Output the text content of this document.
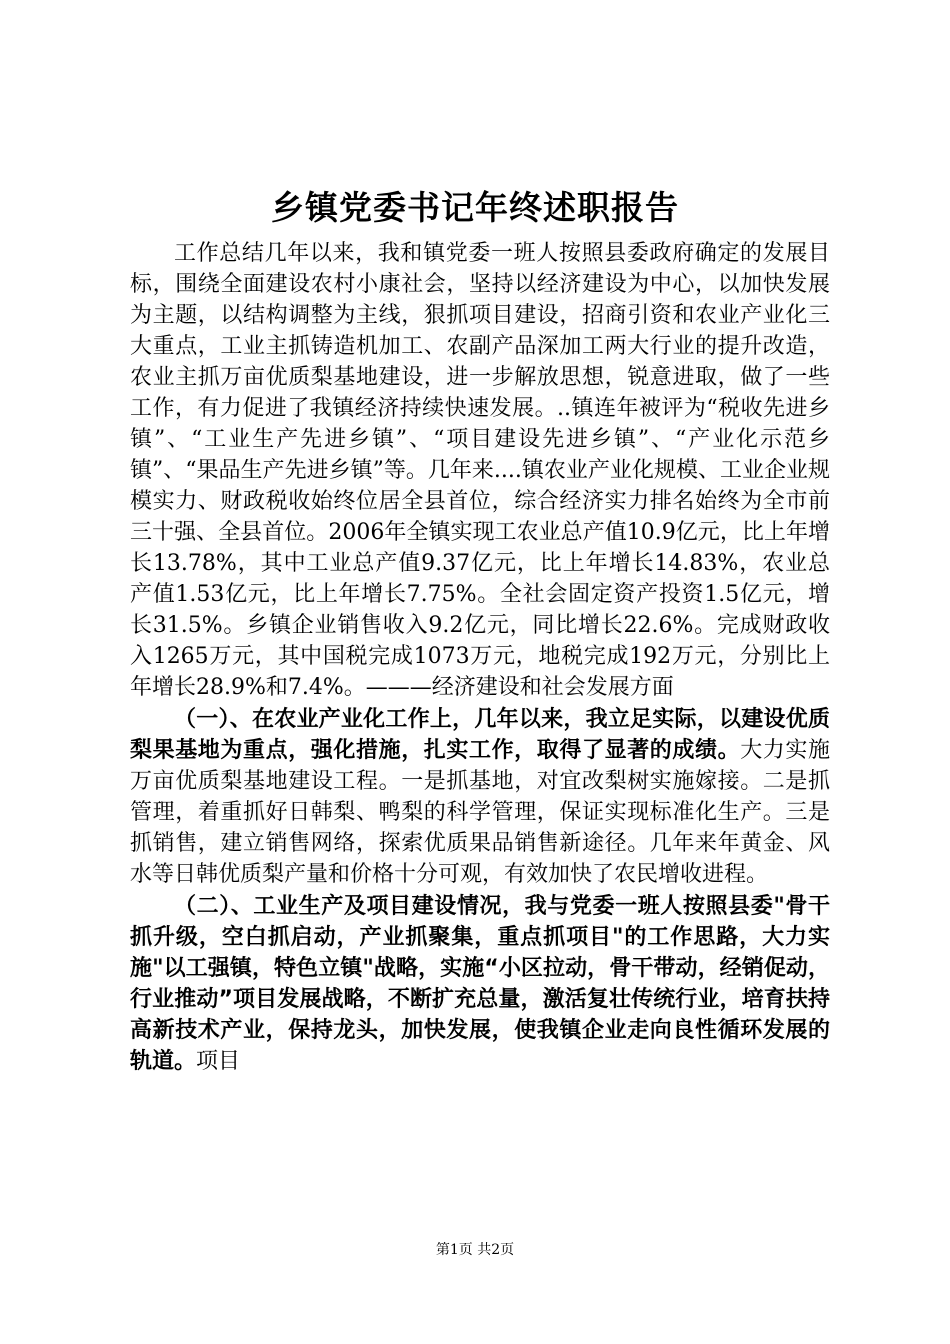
乡镇党委书记年终述职报告

工作总结几年以来，我和镇党委一班人按照县委政府确定的发展目标，围绕全面建设农村小康社会，坚持以经济建设为中心，以加快发展为主题，以结构调整为主线，狠抓项目建设，招商引资和农业产业化三大重点，工业主抓铸造机加工、农副产品深加工两大行业的提升改造，农业主抓万亩优质梨基地建设，进一步解放思想，锐意进取，做了一些工作，有力促进了我镇经济持续快速发展。..镇连年被评为“税收先进乡镇”、“工业生产先进乡镇”、“项目建设先进乡镇”、“产业化示范乡镇”、“果品生产先进乡镇”等。几年来....镇农业产业化规模、工业企业规模实力、财政税收始终位居全县首位，综合经济实力排名始终为全市前三十强、全县首位。2006年全镇实现工农业总产值10.9亿元，比上年增长13.78%，其中工业总产值9.37亿元，比上年增长14.83%，农业总产值1.53亿元，比上年增长7.75%。全社会固定资产投资1.5亿元，增长31.5%。乡镇企业销售收入9.2亿元，同比增长22.6%。完成财政收入1265万元，其中国税完成1073万元，地税完成192万元，分别比上年增长28.9%和7.4%。———经济建设和社会发展方面

（一）、在农业产业化工作上，几年以来，我立足实际，以建设优质梨果基地为重点，强化措施，扎实工作，取得了显著的成绩。大力实施万亩优质梨基地建设工程。一是抓基地，对宜改梨树实施嫁接。二是抓管理，着重抓好日韩梨、鸭梨的科学管理，保证实现标准化生产。三是抓销售，建立销售网络，探索优质果品销售新途径。几年来年黄金、风水等日韩优质梨产量和价格十分可观，有效加快了农民增收进程。

（二）、工业生产及项目建设情况，我与党委一班人按照县委"骨干抓升级，空白抓启动，产业抓聚集，重点抓项目"的工作思路，大力实施"以工强镇，特色立镇"战略，实施“小区拉动，骨干带动，经销促动，行业推动”项目发展战略，不断扩充总量，激活复壮传统行业，培育扶持高新技术产业，保持龙头，加快发展，使我镇企业走向良性循环发展的轨道。项目

第1页 共2页
